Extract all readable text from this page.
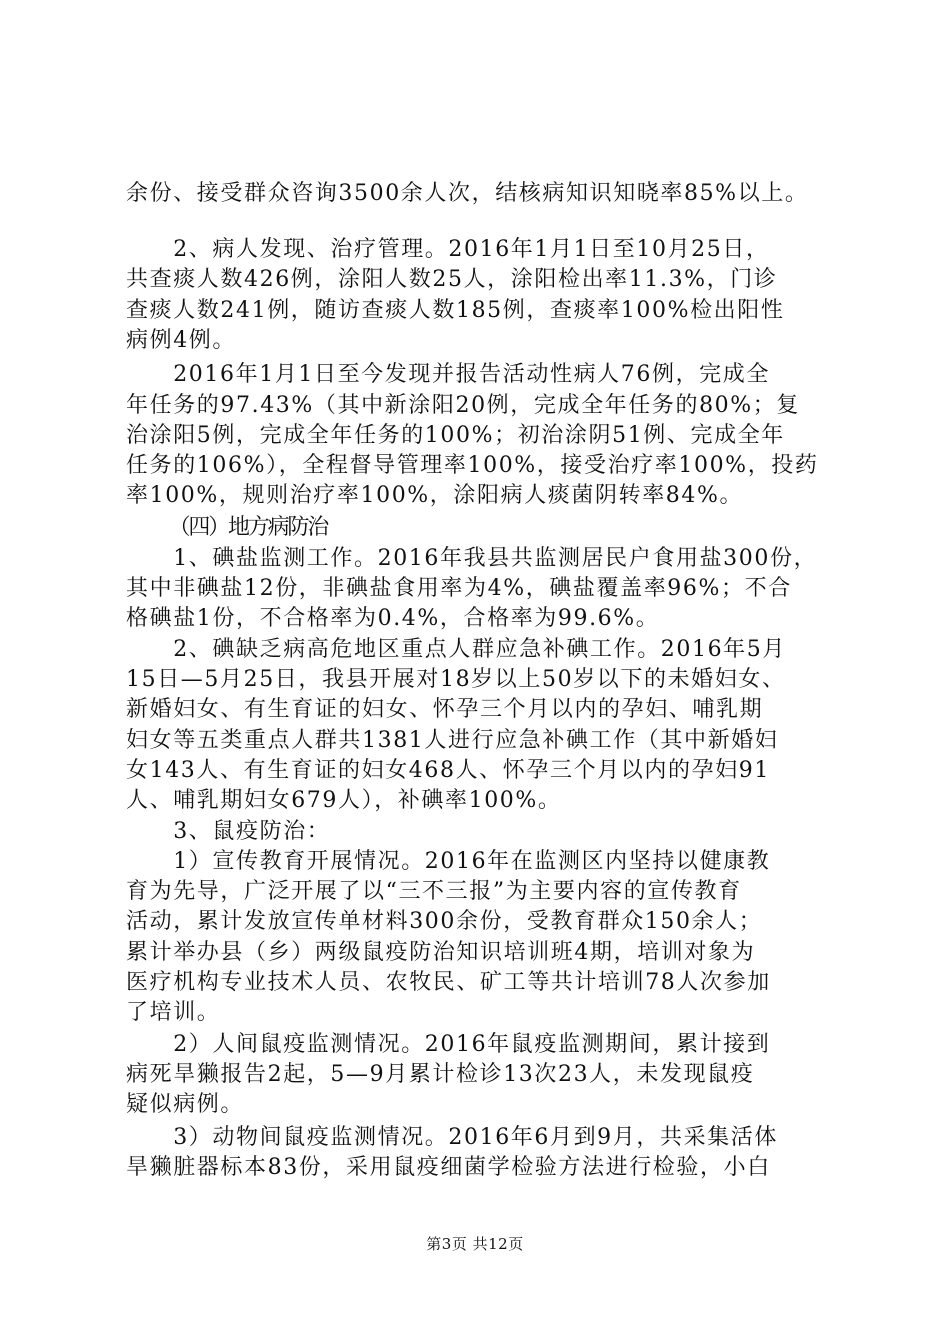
余份、接受群众咨询3500余人次，结核病知识知晓率85%以上。
　　2、病人发现、治疗管理。2016年1月1日至10月25日，
共查痰人数426例，涂阳人数25人，涂阳检出率11.3%，门诊
查痰人数241例，随访查痰人数185例，查痰率100%检出阳性
病例4例。
　　2016年1月1日至今发现并报告活动性病人76例，完成全
年任务的97.43%（其中新涂阳20例，完成全年任务的80%；复
治涂阳5例，完成全年任务的100%；初治涂阴51例、完成全年
任务的106%），全程督导管理率100%，接受治疗率100%，投药
率100%，规则治疗率100%，涂阳病人痰菌阴转率84%。
　　（四）地方病防治
　　1、碘盐监测工作。2016年我县共监测居民户食用盐300份，
其中非碘盐12份，非碘盐食用率为4%，碘盐覆盖率96%；不合
格碘盐1份，不合格率为0.4%，合格率为99.6%。
　　2、碘缺乏病高危地区重点人群应急补碘工作。2016年5月
15日—5月25日，我县开展对18岁以上50岁以下的未婚妇女、
新婚妇女、有生育证的妇女、怀孕三个月以内的孕妇、哺乳期
妇女等五类重点人群共1381人进行应急补碘工作（其中新婚妇
女143人、有生育证的妇女468人、怀孕三个月以内的孕妇91
人、哺乳期妇女679人），补碘率100%。
　　3、鼠疫防治：
　　1）宣传教育开展情况。2016年在监测区内坚持以健康教
育为先导，广泛开展了以“三不三报”为主要内容的宣传教育
活动，累计发放宣传单材料300余份，受教育群众150余人；
累计举办县（乡）两级鼠疫防治知识培训班4期，培训对象为
医疗机构专业技术人员、农牧民、矿工等共计培训78人次参加
了培训。
　　2）人间鼠疫监测情况。2016年鼠疫监测期间，累计接到
病死旱獭报告2起，5—9月累计检诊13次23人，未发现鼠疫
疑似病例。
　　3）动物间鼠疫监测情况。2016年6月到9月，共采集活体
旱獭脏器标本83份，采用鼠疫细菌学检验方法进行检验，小白
第3页 共12页
